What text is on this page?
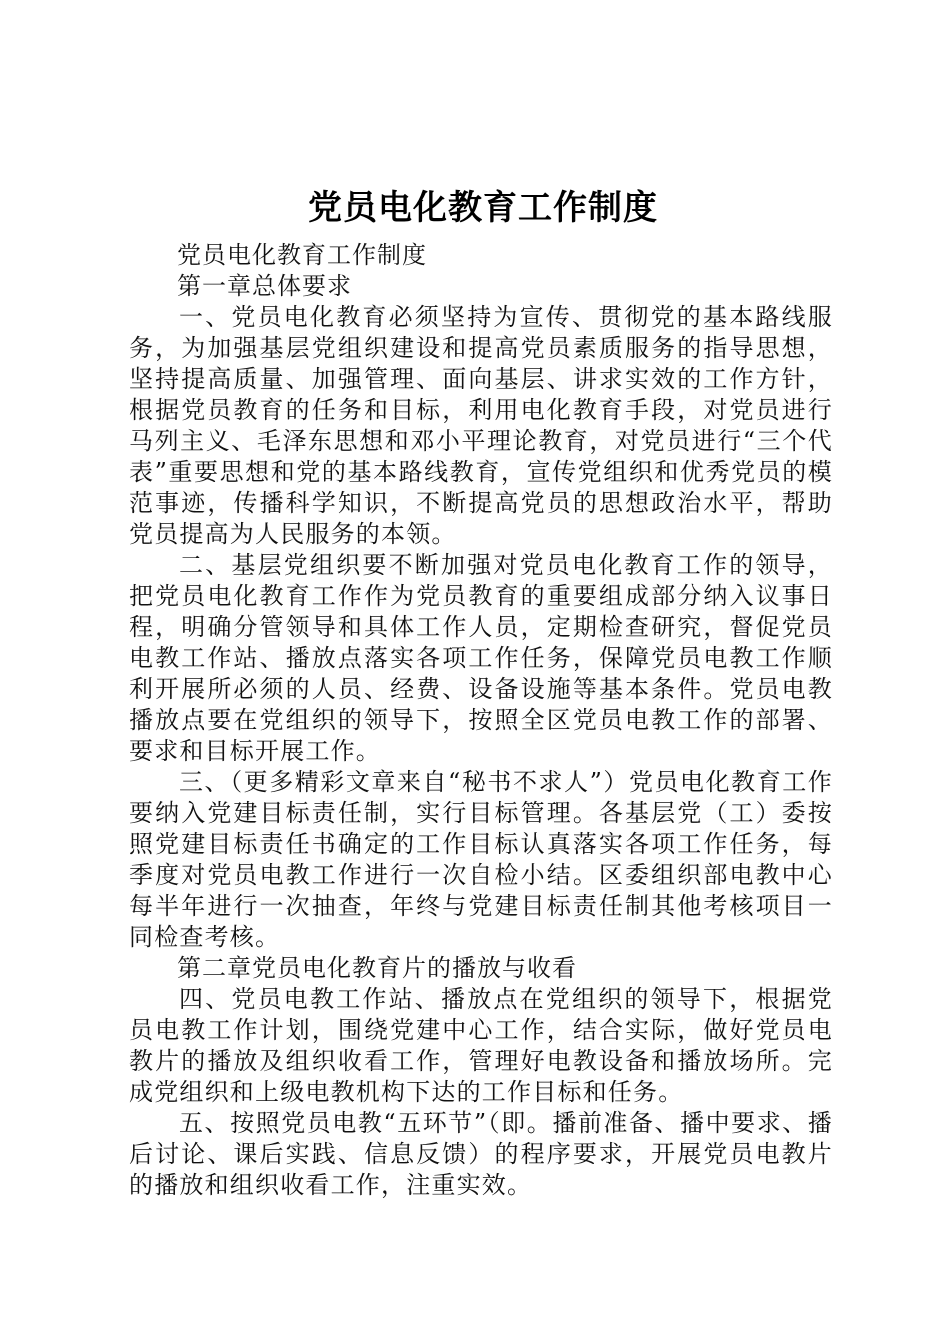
党员电化教育工作制度

党员电化教育工作制度

第一章总体要求

一、党员电化教育必须坚持为宣传、贯彻党的基本路线服务，为加强基层党组织建设和提高党员素质服务的指导思想，坚持提高质量、加强管理、面向基层、讲求实效的工作方针，根据党员教育的任务和目标，利用电化教育手段，对党员进行马列主义、毛泽东思想和邓小平理论教育，对党员进行“三个代表”重要思想和党的基本路线教育，宣传党组织和优秀党员的模范事迹，传播科学知识，不断提高党员的思想政治水平，帮助党员提高为人民服务的本领。

二、基层党组织要不断加强对党员电化教育工作的领导，把党员电化教育工作作为党员教育的重要组成部分纳入议事日程，明确分管领导和具体工作人员，定期检查研究，督促党员电教工作站、播放点落实各项工作任务，保障党员电教工作顺利开展所必须的人员、经费、设备设施等基本条件。党员电教播放点要在党组织的领导下，按照全区党员电教工作的部署、要求和目标开展工作。

三、（更多精彩文章来自“秘书不求人”）党员电化教育工作要纳入党建目标责任制，实行目标管理。各基层党（工）委按照党建目标责任书确定的工作目标认真落实各项工作任务，每季度对党员电教工作进行一次自检小结。区委组织部电教中心每半年进行一次抽查，年终与党建目标责任制其他考核项目一同检查考核。

第二章党员电化教育片的播放与收看

四、党员电教工作站、播放点在党组织的领导下，根据党员电教工作计划，围绕党建中心工作，结合实际，做好党员电教片的播放及组织收看工作，管理好电教设备和播放场所。完成党组织和上级电教机构下达的工作目标和任务。

五、按照党员电教“五环节”（即。播前准备、播中要求、播后讨论、课后实践、信息反馈）的程序要求，开展党员电教片的播放和组织收看工作，注重实效。
